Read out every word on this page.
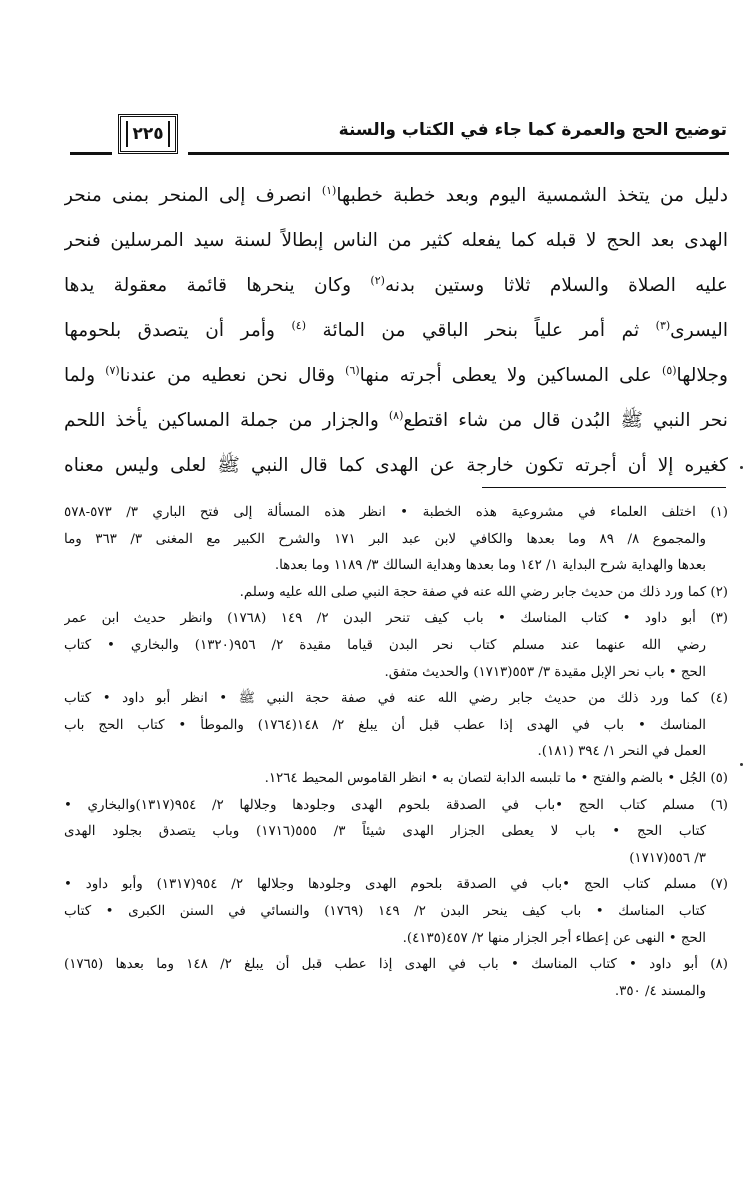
توضيح الحج والعمرة كما جاء في الكتاب والسنة
٢٢٥
دليل من يتخذ الشمسية اليوم وبعد خطبة خطبها$^{(١)}$ انصرف إلى المنحر بمنى منحر
الهدى بعد الحج لا قبله كما يفعله كثير من الناس إبطالاً لسنة سيد المرسلين فنحر
عليه الصلاة والسلام ثلاثا وستين بدنه$^{(٢)}$ وكان ينحرها قائمة معقولة يدها
اليسرى$^{(٣)}$ ثم أمر علياً بنحر الباقي من المائة $^{(٤)}$ وأمر أن يتصدق بلحومها
وجلالها$^{(٥)}$ على المساكين ولا يعطى أجرته منها$^{(٦)}$ وقال نحن نعطيه من عندنا$^{(٧)}$ ولما
نحر النبي ﷺ البُدن قال من شاء اقتطع$^{(٨)}$ والجزار من جملة المساكين يأخذ اللحم
كغيره إلا أن أجرته تكون خارجة عن الهدى كما قال النبي ﷺ لعلى وليس معناه
(١) اختلف العلماء في مشروعية هذه الخطبة • انظر هذه المسألة إلى فتح الباري ٣/ ٥٧٣-٥٧٨
والمجموع ٨/ ٨٩ وما بعدها والكافي لابن عبد البر ١٧١ والشرح الكبير مع المغنى ٣/ ٣٦٣ وما
بعدها والهداية شرح البداية ١/ ١٤٢ وما بعدها وهداية السالك ٣/ ١١٨٩ وما بعدها.
(٢) كما ورد ذلك من حديث جابر رضي الله عنه في صفة حجة النبي صلى الله عليه وسلم.
(٣) أبو داود • كتاب المناسك • باب كيف تنحر البدن ٢/ ١٤٩ (١٧٦٨) وانظر حديث ابن عمر
رضي الله عنهما عند مسلم كتاب نحر البدن قياما مقيدة ٢/ ٩٥٦(١٣٢٠) والبخاري • كتاب
الحج • باب نحر الإبل مقيدة ٣/ ٥٥٣(١٧١٣) والحديث متفق.
(٤) كما ورد ذلك من حديث جابر رضي الله عنه في صفة حجة النبي ﷺ • انظر أبو داود • كتاب
المناسك • باب في الهدى إذا عطب قبل أن يبلغ ٢/ ١٤٨(١٧٦٤) والموطأ • كتاب الحج باب
العمل في النحر ١/ ٣٩٤ (١٨١).
(٥) الجُل • بالضم والفتح • ما تلبسه الدابة لتصان به • انظر القاموس المحيط ١٢٦٤.
(٦) مسلم كتاب الحج •باب في الصدقة بلحوم الهدى وجلودها وجلالها ٢/ ٩٥٤(١٣١٧)والبخاري •
كتاب الحج • باب لا يعطى الجزار الهدى شيئاً ٣/ ٥٥٥(١٧١٦) وباب يتصدق بجلود الهدى
٣/ ٥٥٦(١٧١٧)
(٧) مسلم كتاب الحج •باب في الصدقة بلحوم الهدى وجلودها وجلالها ٢/ ٩٥٤(١٣١٧) وأبو داود •
كتاب المناسك • باب كيف ينحر البدن ٢/ ١٤٩ (١٧٦٩) والنسائي في السنن الكبرى • كتاب
الحج • النهى عن إعطاء أجر الجزار منها ٢/ ٤٥٧(٤١٣٥).
(٨) أبو داود • كتاب المناسك • باب في الهدى إذا عطب قبل أن يبلغ ٢/ ١٤٨ وما بعدها (١٧٦٥)
والمسند ٤/ ٣٥٠.
